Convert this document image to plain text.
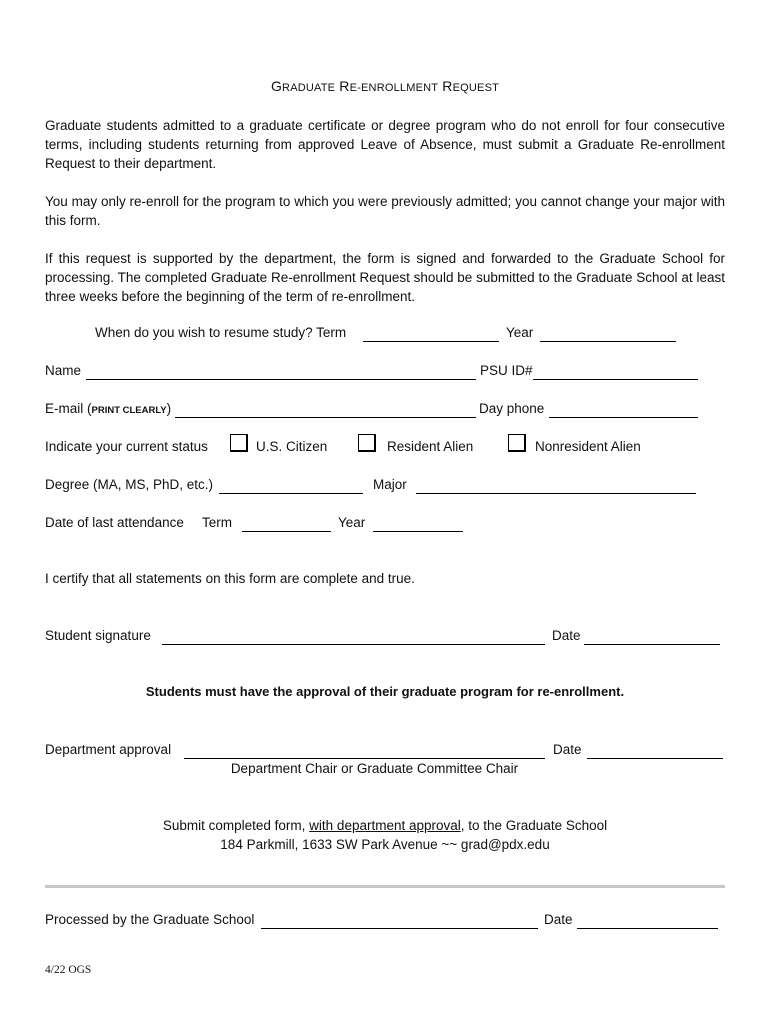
GRADUATE RE-ENROLLMENT REQUEST
Graduate students admitted to a graduate certificate or degree program who do not enroll for four consecutive terms, including students returning from approved Leave of Absence, must submit a Graduate Re-enrollment Request to their department.
You may only re-enroll for the program to which you were previously admitted; you cannot change your major with this form.
If this request is supported by the department, the form is signed and forwarded to the Graduate School for processing. The completed Graduate Re-enrollment Request should be submitted to the Graduate School at least three weeks before the beginning of the term of re-enrollment.
When do you wish to resume study? Term	Year
Name	PSU ID#
E-mail (PRINT CLEARLY)	Day phone
Indicate your current status	U.S. Citizen	Resident Alien	Nonresident Alien
Degree (MA, MS, PhD, etc.)	Major
Date of last attendance Term	Year
I certify that all statements on this form are complete and true.
Student signature	Date
Students must have the approval of their graduate program for re-enrollment.
Department approval	Date
Department Chair or Graduate Committee Chair
Submit completed form, with department approval, to the Graduate School
184 Parkmill, 1633 SW Park Avenue ~~ grad@pdx.edu
Processed by the Graduate School	Date
4/22 OGS
